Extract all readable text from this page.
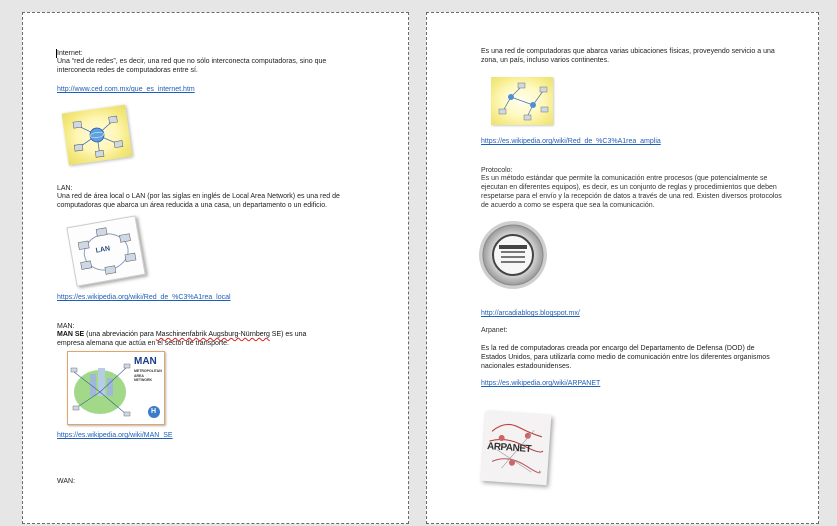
Internet:
Una “red de redes”, es decir, una red que no sólo interconecta computadoras, sino que
interconecta redes de computadoras entre sí.
http://www.ced.com.mx/que_es_internet.htm
LAN:
Una red de área local o LAN (por las siglas en inglés de Local Area Network) es una red de
computadoras que abarca un área reducida a una casa, un departamento o un edificio.
LAN
https://es.wikipedia.org/wiki/Red_de_%C3%A1rea_local
MAN:
MAN SE (una abreviación para Maschinenfabrik Augsburg-Nürnberg SE) es una
empresa alemana que actúa en el sector de transporte.
MAN
METROPOLITAN
AREA
NETWORK
H
https://es.wikipedia.org/wiki/MAN_SE
WAN:
Es una red de computadoras que abarca varias ubicaciones físicas, proveyendo servicio a una
zona, un país, incluso varios continentes.
https://es.wikipedia.org/wiki/Red_de_%C3%A1rea_amplia
Protocolo:
Es un método estándar que permite la comunicación entre procesos (que potencialmente se
ejecutan en diferentes equipos), es decir, es un conjunto de reglas y procedimientos que deben
respetarse para el envío y la recepción de datos a través de una red. Existen diversos protocolos
de acuerdo a como se espera que sea la comunicación.
http://arcadiablogs.blogspot.mx/
Arpanet:
Es la red de computadoras creada por encargo del Departamento de Defensa (DOD) de
Estados Unidos, para utilizarla como medio de comunicación entre los diferentes organismos
nacionales estadounidenses.
https://es.wikipedia.org/wiki/ARPANET
ARPANET
